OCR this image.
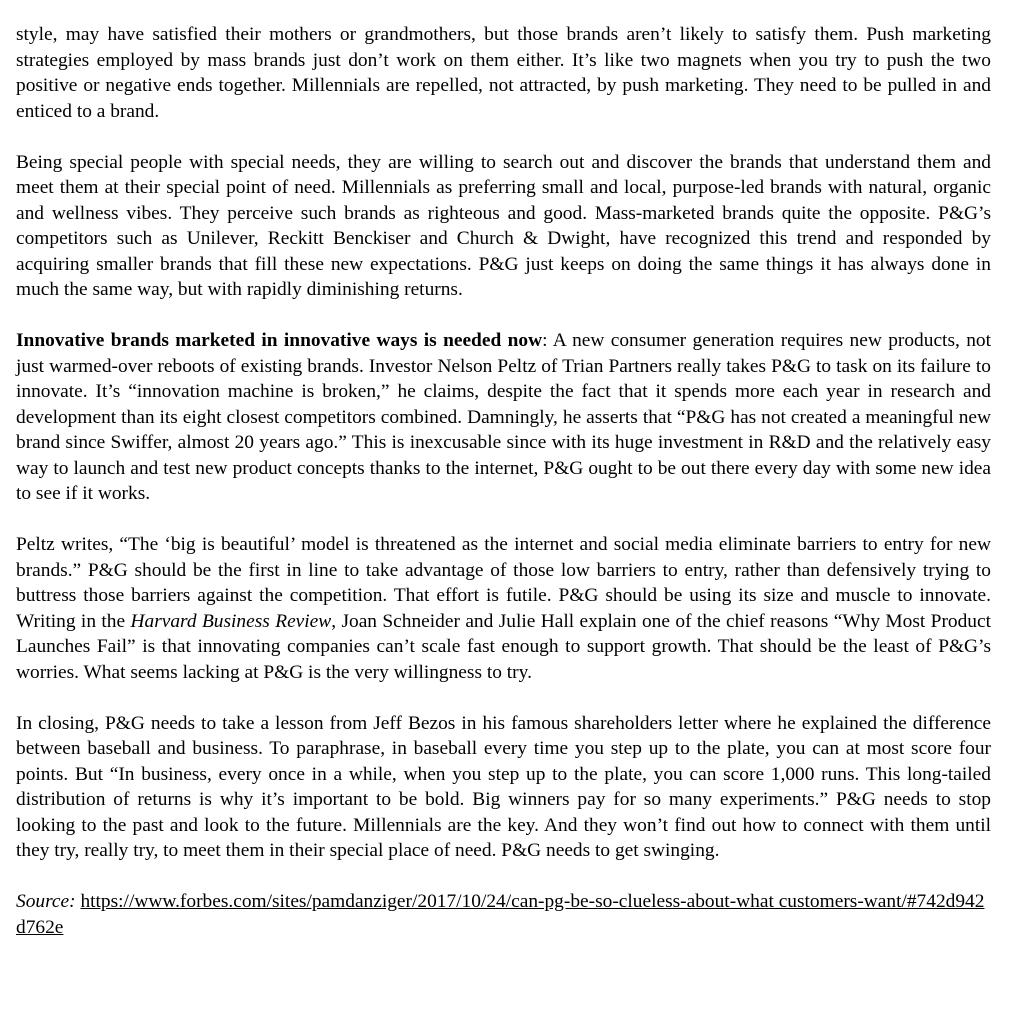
style, may have satisfied their mothers or grandmothers, but those brands aren’t likely to satisfy them. Push marketing strategies employed by mass brands just don’t work on them either. It’s like two magnets when you try to push the two positive or negative ends together. Millennials are repelled, not attracted, by push marketing. They need to be pulled in and enticed to a brand.

Being special people with special needs, they are willing to search out and discover the brands that understand them and meet them at their special point of need. Millennials as preferring small and local, purpose-led brands with natural, organic and wellness vibes. They perceive such brands as righteous and good. Mass-marketed brands quite the opposite. P&G’s competitors such as Unilever, Reckitt Benckiser and Church & Dwight, have recognized this trend and responded by acquiring smaller brands that fill these new expectations. P&G just keeps on doing the same things it has always done in much the same way, but with rapidly diminishing returns.

Innovative brands marketed in innovative ways is needed now: A new consumer generation requires new products, not just warmed-over reboots of existing brands. Investor Nelson Peltz of Trian Partners really takes P&G to task on its failure to innovate. It’s “innovation machine is broken,” he claims, despite the fact that it spends more each year in research and development than its eight closest competitors combined. Damningly, he asserts that “P&G has not created a meaningful new brand since Swiffer, almost 20 years ago.” This is inexcusable since with its huge investment in R&D and the relatively easy way to launch and test new product concepts thanks to the internet, P&G ought to be out there every day with some new idea to see if it works.

Peltz writes, “The ‘big is beautiful’ model is threatened as the internet and social media eliminate barriers to entry for new brands.” P&G should be the first in line to take advantage of those low barriers to entry, rather than defensively trying to buttress those barriers against the competition. That effort is futile. P&G should be using its size and muscle to innovate. Writing in the Harvard Business Review, Joan Schneider and Julie Hall explain one of the chief reasons “Why Most Product Launches Fail” is that innovating companies can’t scale fast enough to support growth. That should be the least of P&G’s worries. What seems lacking at P&G is the very willingness to try.

In closing, P&G needs to take a lesson from Jeff Bezos in his famous shareholders letter where he explained the difference between baseball and business. To paraphrase, in baseball every time you step up to the plate, you can at most score four points. But “In business, every once in a while, when you step up to the plate, you can score 1,000 runs. This long-tailed distribution of returns is why it’s important to be bold. Big winners pay for so many experiments.” P&G needs to stop looking to the past and look to the future. Millennials are the key. And they won’t find out how to connect with them until they try, really try, to meet them in their special place of need. P&G needs to get swinging.

Source: https://www.forbes.com/sites/pamdanziger/2017/10/24/can-pg-be-so-clueless-about-what customers-want/#742d942d762e
